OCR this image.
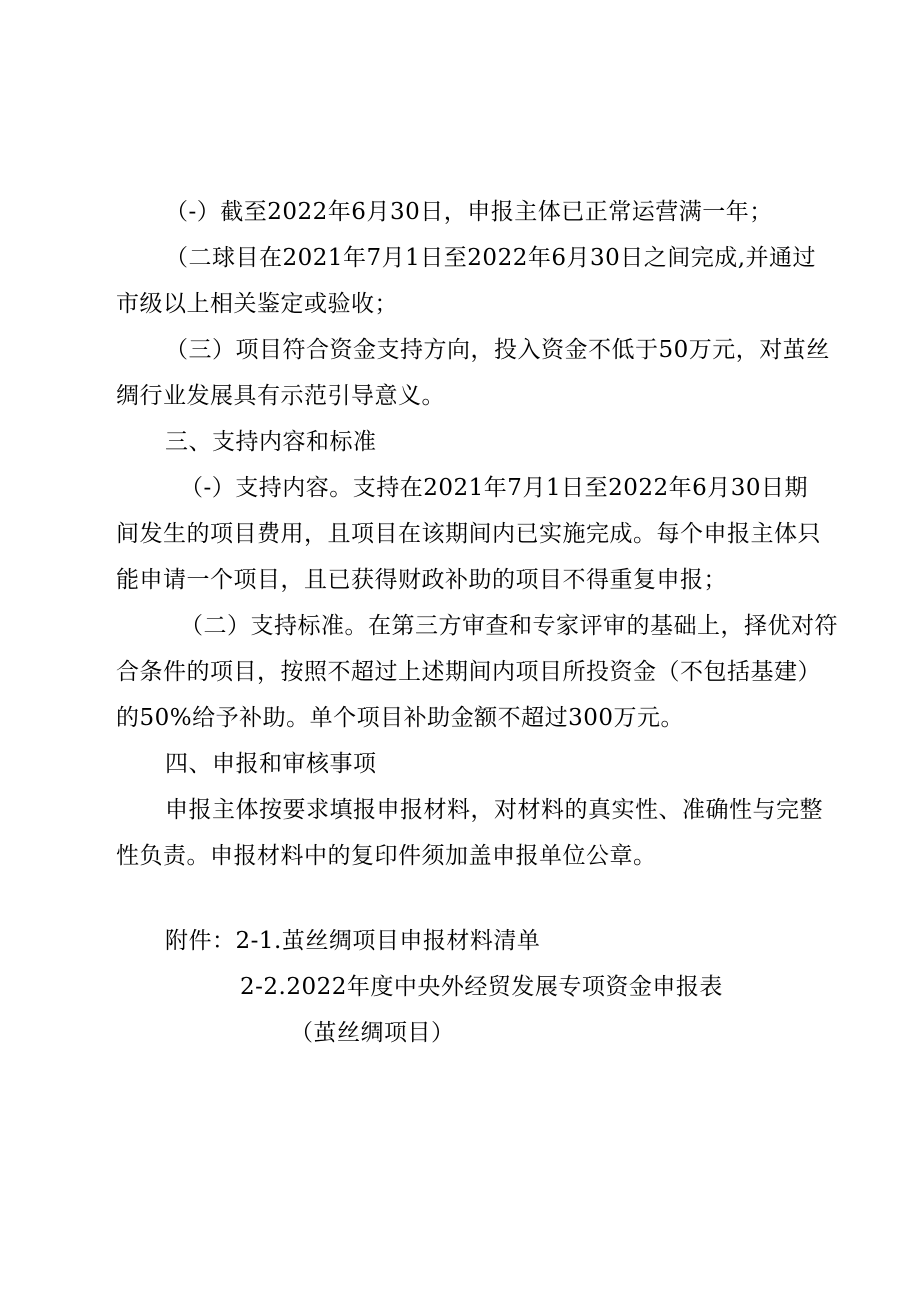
（-）截至2022年6月30日，申报主体已正常运营满一年；
（二球目在2021年7月1日至2022年6月30日之间完成,并通过
市级以上相关鉴定或验收；
（三）项目符合资金支持方向，投入资金不低于50万元，对茧丝
绸行业发展具有示范引导意义。
三、支持内容和标准
（-）支持内容。支持在2021年7月1日至2022年6月30日期
间发生的项目费用，且项目在该期间内已实施完成。每个申报主体只
能申请一个项目，且已获得财政补助的项目不得重复申报；
（二）支持标准。在第三方审查和专家评审的基础上，择优对符
合条件的项目，按照不超过上述期间内项目所投资金（不包括基建）
的50%给予补助。单个项目补助金额不超过300万元。
四、申报和审核事项
申报主体按要求填报申报材料，对材料的真实性、准确性与完整
性负责。申报材料中的复印件须加盖申报单位公章。
附件：2-1.茧丝绸项目申报材料清单
2-2.2022年度中央外经贸发展专项资金申报表
（茧丝绸项目）
